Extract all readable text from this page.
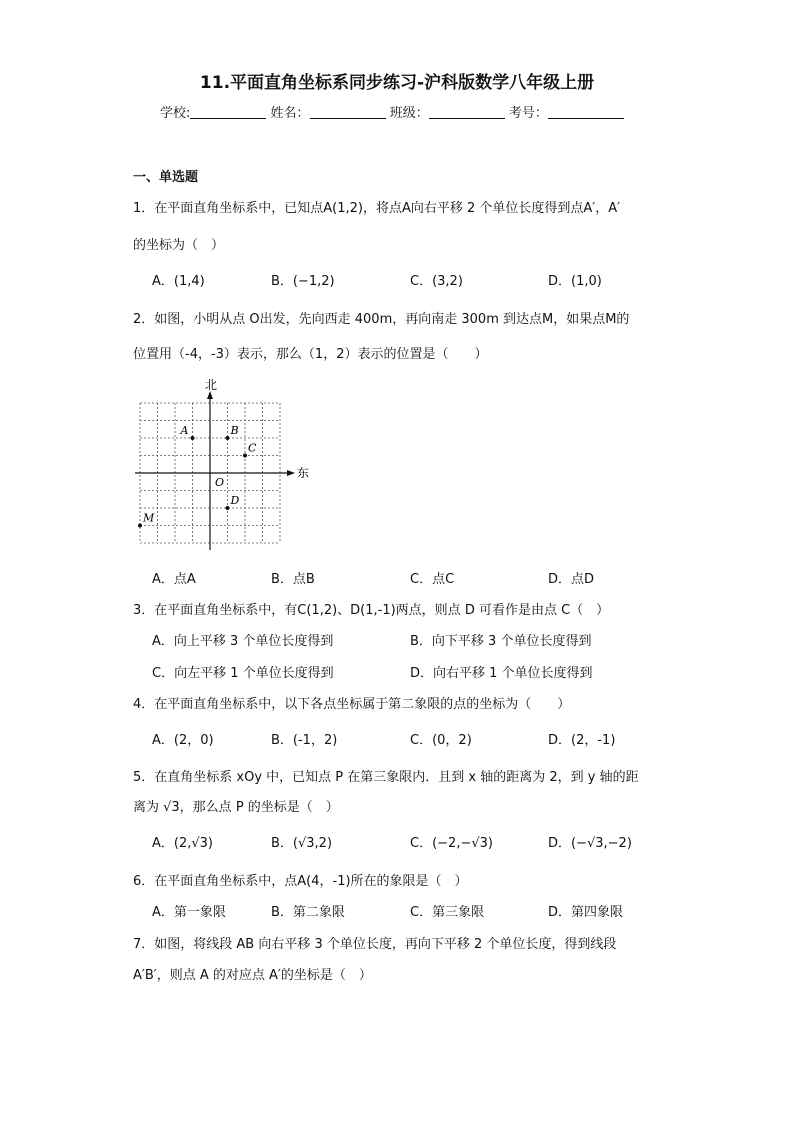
11.平面直角坐标系同步练习-沪科版数学八年级上册
学校:	姓名：	班级：	考号：
一、单选题
1．在平面直角坐标系中，已知点A(1,2)，将点A向右平移 2 个单位长度得到点A′，A′
的坐标为（　）
A．(1,4)	B．(−1,2)	C．(3,2)	D．(1,0)
2．如图，小明从点 O出发，先向西走 400m，再向南走 300m 到达点M，如果点M的
位置用（-4，-3）表示，那么（1，2）表示的位置是（　　）
北
东
O
A	B
C
D
M
A．点A	B．点B	C．点C	D．点D
3．在平面直角坐标系中，有C(1,2)、D(1,-1)两点，则点 D 可看作是由点 C（　）
A．向上平移 3 个单位长度得到	B．向下平移 3 个单位长度得到
C．向左平移 1 个单位长度得到	D．向右平移 1 个单位长度得到
4．在平面直角坐标系中，以下各点坐标属于第二象限的点的坐标为（　　）
A．(2，0)	B．(-1，2)	C．(0，2)	D．(2，-1)
5．在直角坐标系 xOy 中，已知点 P 在第三象限内．且到 x 轴的距离为 2，到 y 轴的距
离为 √3，那么点 P 的坐标是（　）
A．(2,√3)	B．(√3,2)	C．(−2,−√3)	D．(−√3,−2)
6．在平面直角坐标系中，点A(4，-1)所在的象限是（　）
A．第一象限	B．第二象限	C．第三象限	D．第四象限
7．如图，将线段 AB 向右平移 3 个单位长度，再向下平移 2 个单位长度，得到线段
A′B′，则点 A 的对应点 A′的坐标是（　）
